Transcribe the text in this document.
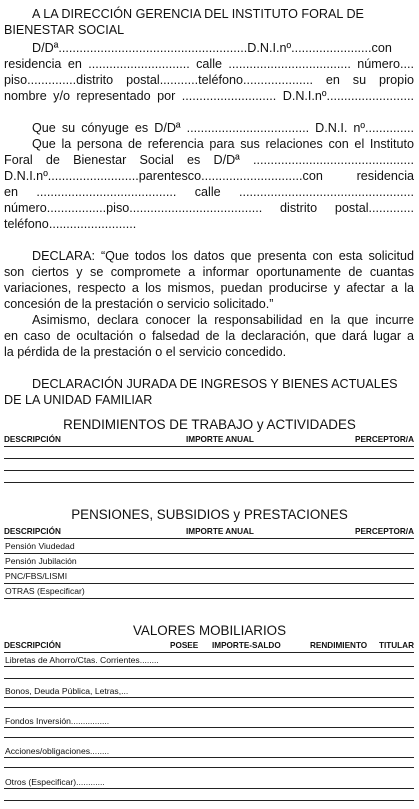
A LA DIRECCIÓN GERENCIA DEL INSTITUTO FORAL DE
BIENESTAR SOCIAL
D/Dª......................................................D.N.I.nº.......................con
residencia en ............................. calle ................................... número....
piso..............distrito postal...........teléfono.................... en su propio
nombre y/o representado por ........................... D.N.I.nº.........................
Que su cónyuge es D/Dª ................................... D.N.I. nº..............
Que la persona de referencia para sus relaciones con el Instituto
Foral de Bienestar Social es D/Dª ..............................................
D.N.I.nº..........................parentesco.............................con residencia
en ........................................ calle ..................................................
número.................piso...................................... distrito postal.............
teléfono.........................
DECLARA: “Que todos los datos que presenta con esta solicitud
son ciertos y se compromete a informar oportunamente de cuantas
variaciones, respecto a los mismos, puedan producirse y afectar a la
concesión de la prestación o servicio solicitado.”
Asimismo, declara conocer la responsabilidad en la que incurre
en caso de ocultación o falsedad de la declaración, que dará lugar a
la pérdida de la prestación o el servicio concedido.
DECLARACIÓN JURADA DE INGRESOS Y BIENES ACTUALES
DE LA UNIDAD FAMILIAR
RENDIMIENTOS DE TRABAJO y ACTIVIDADES
DESCRIPCIÓN	IMPORTE ANUAL	PERCEPTOR/A
PENSIONES, SUBSIDIOS y PRESTACIONES
DESCRIPCIÓN	IMPORTE ANUAL	PERCEPTOR/A
Pensión Viudedad
Pensión Jubilación
PNC/FBS/LISMI
OTRAS (Especificar)
VALORES MOBILIARIOS
DESCRIPCIÓN	POSEE IMPORTE-SALDO	RENDIMIENTO TITULAR
Libretas de Ahorro/Ctas. Corrientes........
Bonos, Deuda Pública, Letras,...
Fondos Inversión................
Acciones/obligaciones........
Otros (Especificar)............
